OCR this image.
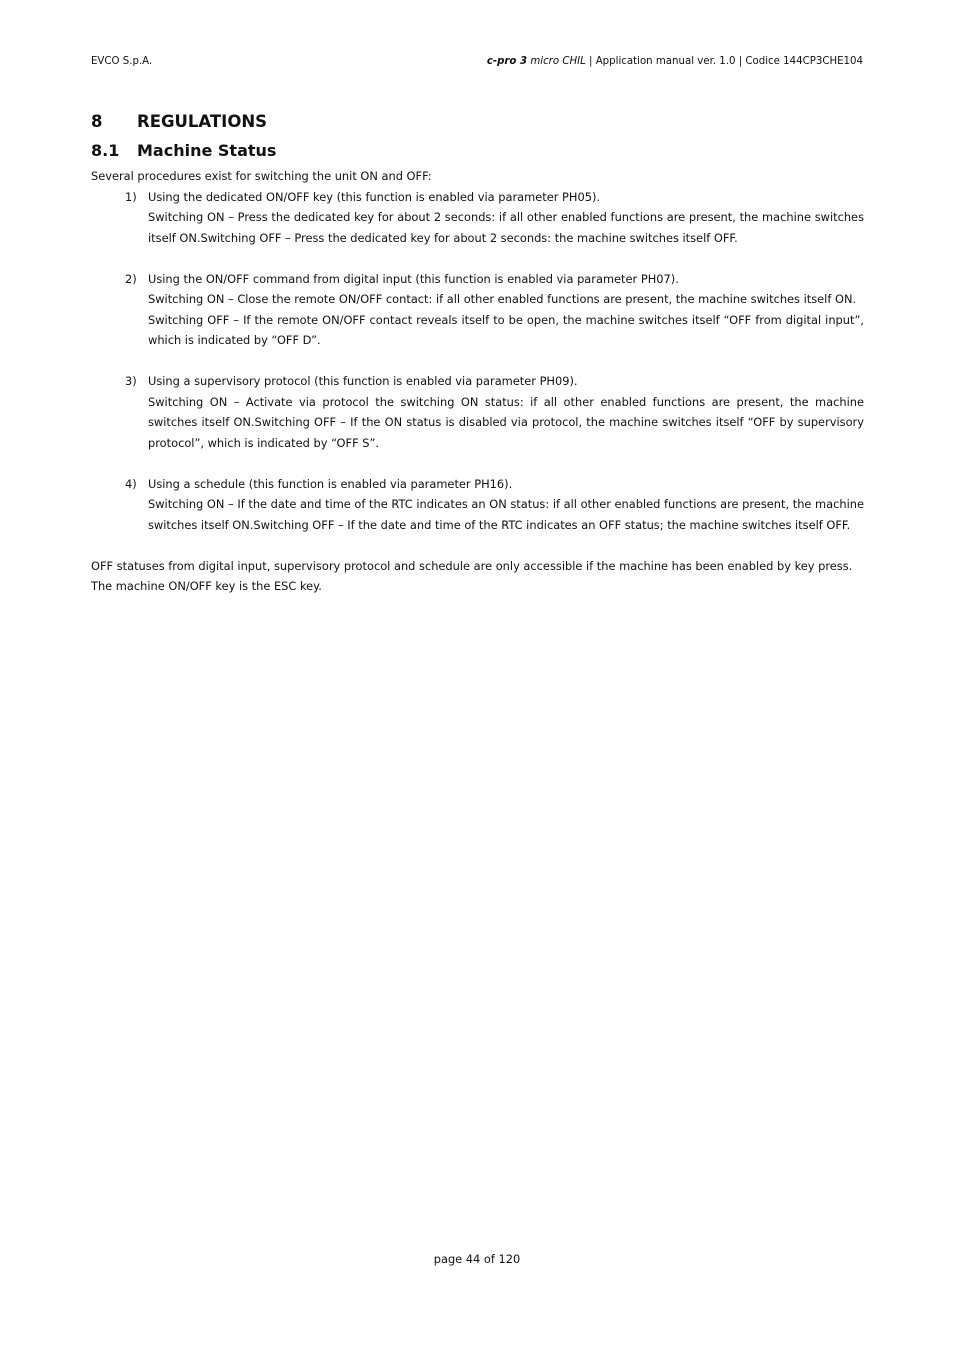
EVCO S.p.A.	c-pro 3 micro CHIL | Application manual ver. 1.0 | Codice 144CP3CHE104
8 REGULATIONS
8.1 Machine Status

Several procedures exist for switching the unit ON and OFF:

1) Using the dedicated ON/OFF key (this function is enabled via parameter PH05).
Switching ON – Press the dedicated key for about 2 seconds: if all other enabled functions are present, the machine switches itself ON.Switching OFF – Press the dedicated key for about 2 seconds: the machine switches itself OFF.
2) Using the ON/OFF command from digital input (this function is enabled via parameter PH07).
Switching ON – Close the remote ON/OFF contact: if all other enabled functions are present, the machine switches itself ON.
Switching OFF – If the remote ON/OFF contact reveals itself to be open, the machine switches itself “OFF from digital input”, which is indicated by “OFF D”.
3) Using a supervisory protocol (this function is enabled via parameter PH09).
Switching ON – Activate via protocol the switching ON status: if all other enabled functions are present, the machine switches itself ON.Switching OFF – If the ON status is disabled via protocol, the machine switches itself “OFF by supervisory protocol”, which is indicated by “OFF S”.
4) Using a schedule (this function is enabled via parameter PH16).
Switching ON – If the date and time of the RTC indicates an ON status: if all other enabled functions are present, the machine switches itself ON.Switching OFF – If the date and time of the RTC indicates an OFF status; the machine switches itself OFF.

OFF statuses from digital input, supervisory protocol and schedule are only accessible if the machine has been enabled by key press.

The machine ON/OFF key is the ESC key.

page 44 of 120
